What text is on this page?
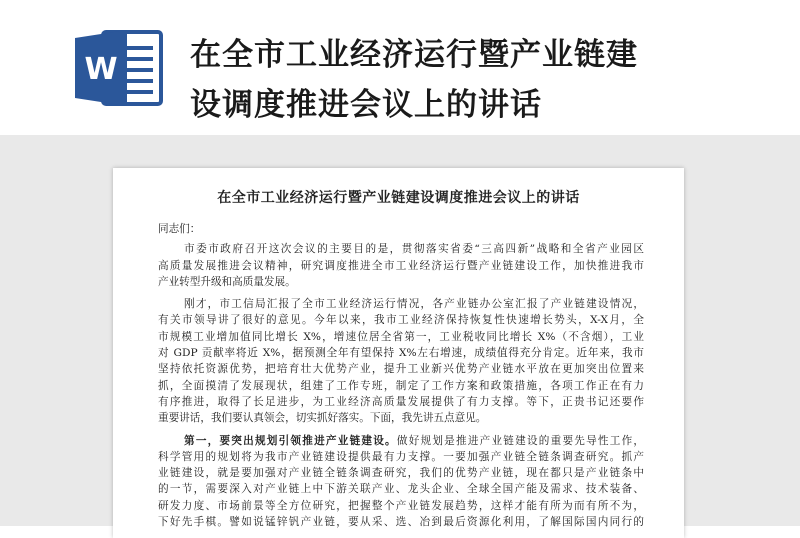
W 在全市工业经济运行暨产业链建
设调度推进会议上的讲话
在全市工业经济运行暨产业链建设调度推进会议上的讲话
同志们：
市委市政府召开这次会议的主要目的是，贯彻落实省委“三高四新”战略和全省产业园区
高质量发展推进会议精神，研究调度推进全市工业经济运行暨产业链建设工作，加快推进我市
产业转型升级和高质量发展。
刚才，市工信局汇报了全市工业经济运行情况，各产业链办公室汇报了产业链建设情况，
有关市领导讲了很好的意见。今年以来，我市工业经济保持恢复性快速增长势头，X-X月，全
市规模工业增加值同比增长 X%，增速位居全省第一，工业税收同比增长 X%（不含烟），工业
对 GDP 贡献率将近 X%，据预测全年有望保持 X%左右增速，成绩值得充分肯定。近年来，我市
坚持依托资源优势，把培育壮大优势产业，提升工业新兴优势产业链水平放在更加突出位置来
抓，全面摸清了发展现状，组建了工作专班，制定了工作方案和政策措施，各项工作正在有力
有序推进，取得了长足进步，为工业经济高质量发展提供了有力支撑。等下，正贵书记还要作
重要讲话，我们要认真领会，切实抓好落实。下面，我先讲五点意见。
第一，要突出规划引领推进产业链建设。做好规划是推进产业链建设的重要先导性工作，
科学管用的规划将为我市产业链建设提供最有力支撑。一要加强产业链全链条调查研究。抓产
业链建设，就是要加强对产业链全链条调查研究，我们的优势产业链，现在都只是产业链条中
的一节，需要深入对产业链上中下游关联产业、龙头企业、全球全国产能及需求、技术装备、
研发力度、市场前景等全方位研究，把握整个产业链发展趋势，这样才能有所为而有所不为，
下好先手棋。譬如说锰锌钒产业链，要从采、选、冶到最后资源化利用，了解国际国内同行的
